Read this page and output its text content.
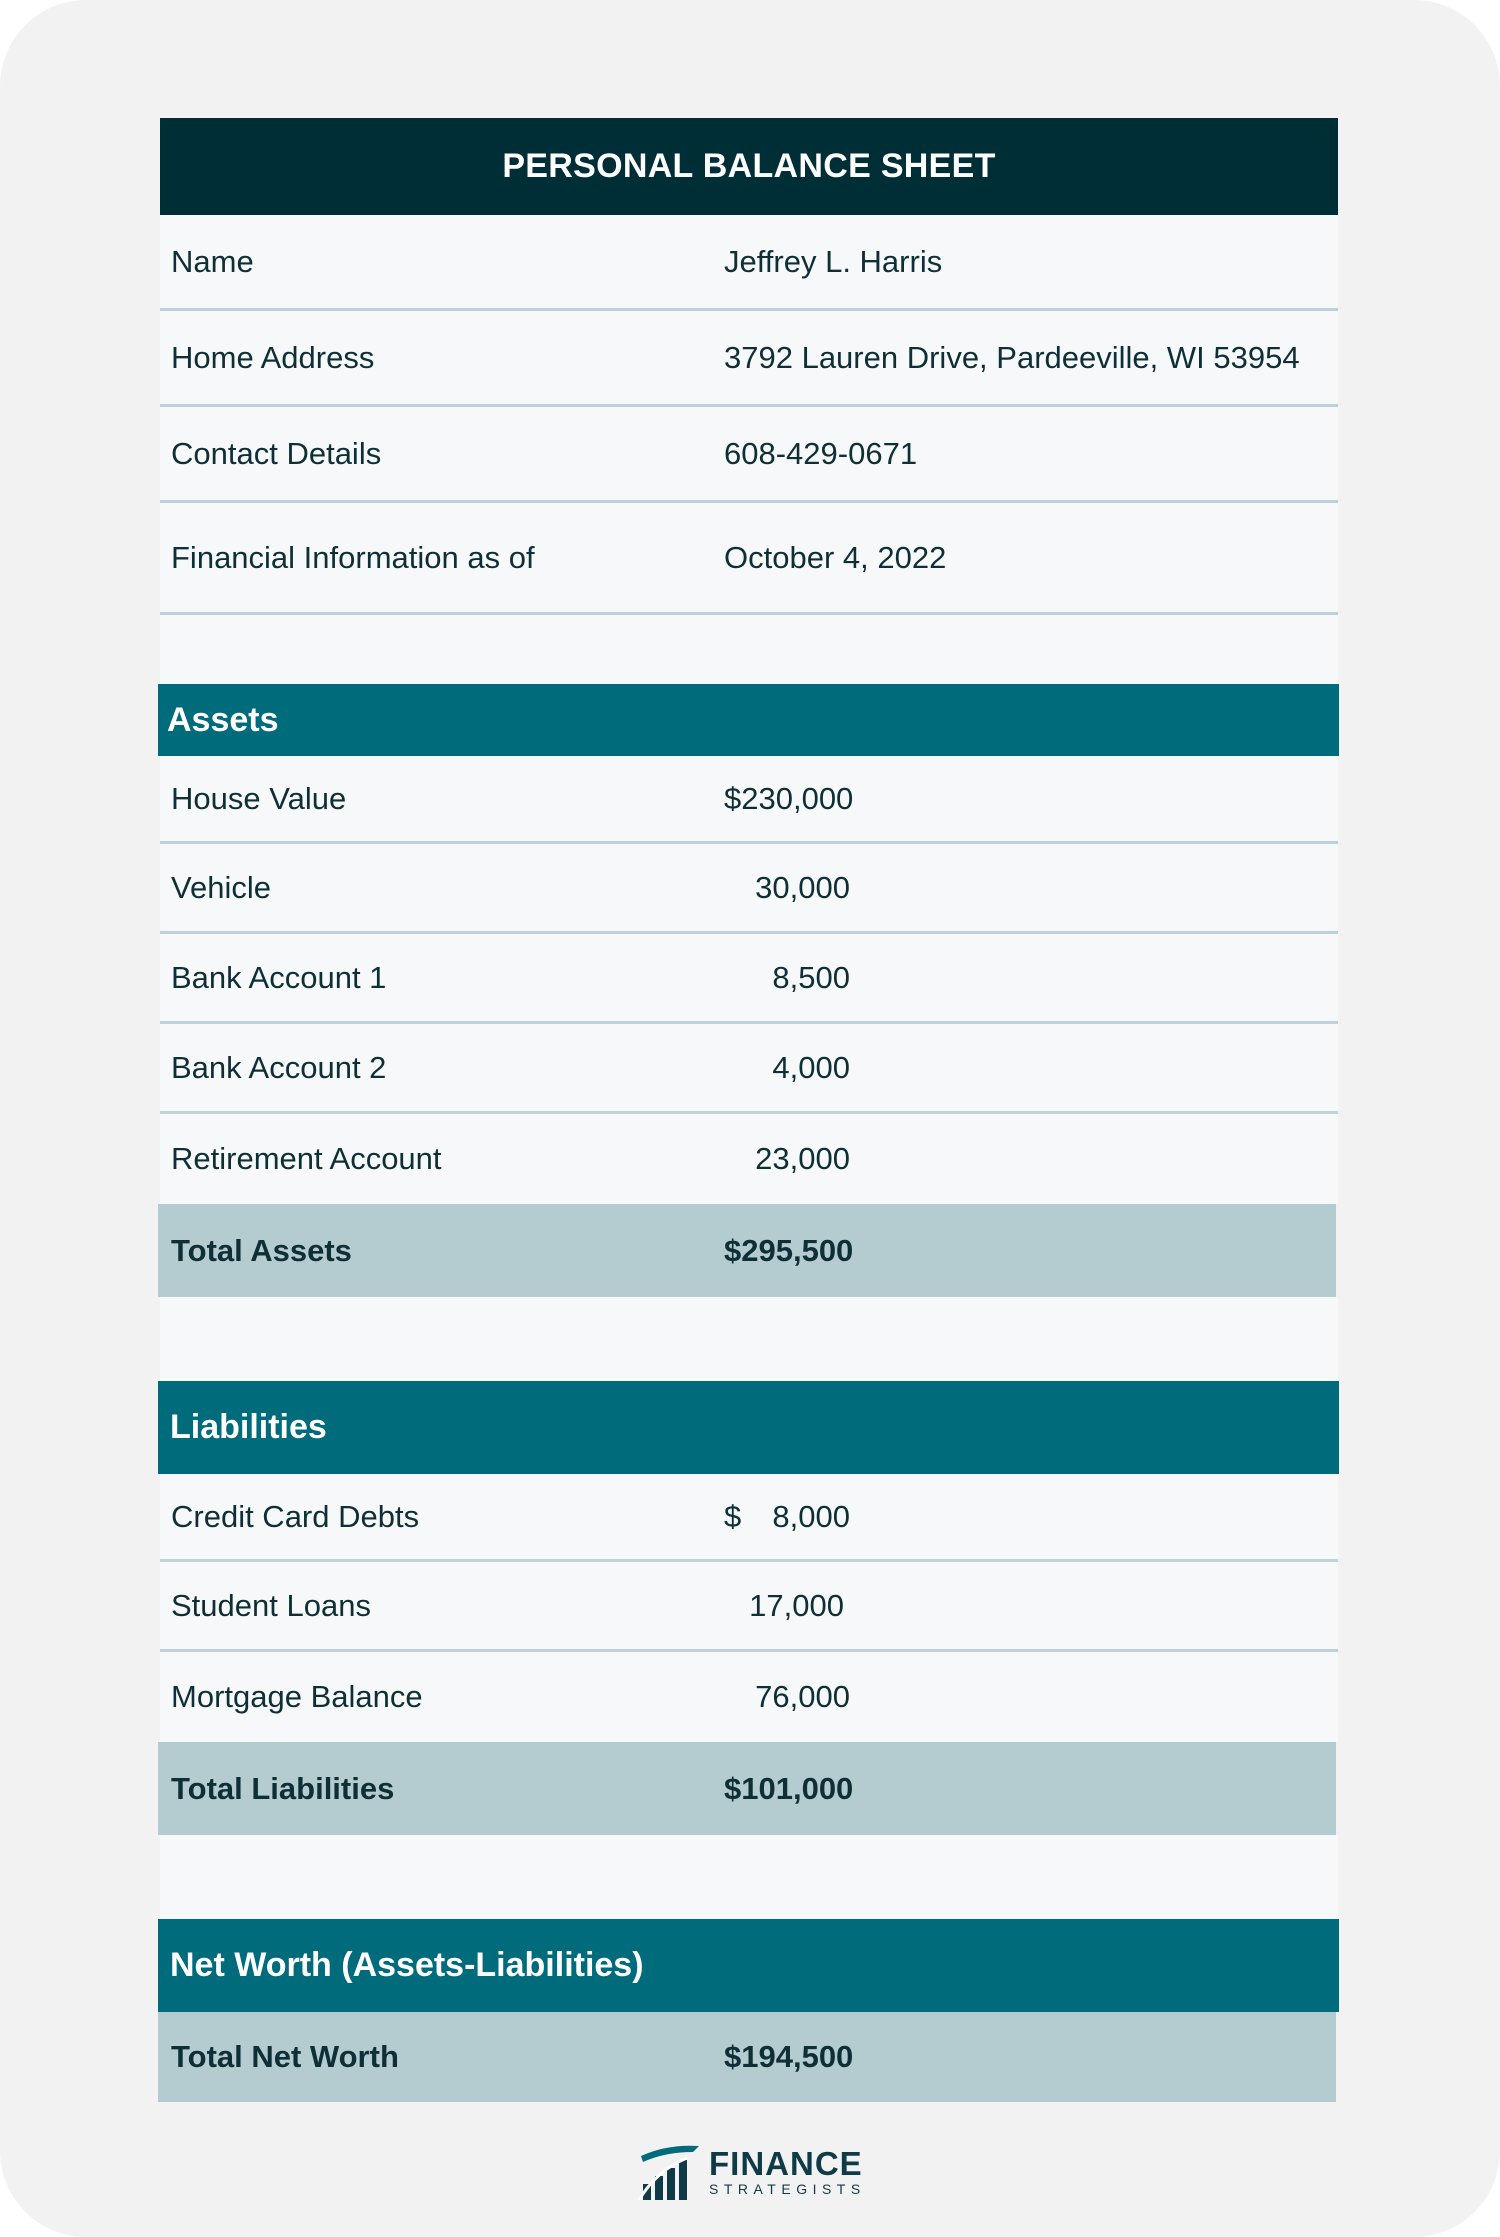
PERSONAL BALANCE SHEET
Name	Jeffrey L. Harris
Home Address	3792 Lauren Drive, Pardeeville, WI 53954
Contact Details	608-429-0671
Financial Information as of	October 4, 2022
Assets
House Value	$230,000
Vehicle	30,000
Bank Account 1	8,500
Bank Account 2	4,000
Retirement Account	23,000
Total Assets	$295,500
Liabilities
Credit Card Debts	$	8,000
Student Loans	17,000
Mortgage Balance	76,000
Total Liabilities	$101,000
Net Worth (Assets-Liabilities)
Total Net Worth	$194,500
FINANCE
STRATEGISTS
